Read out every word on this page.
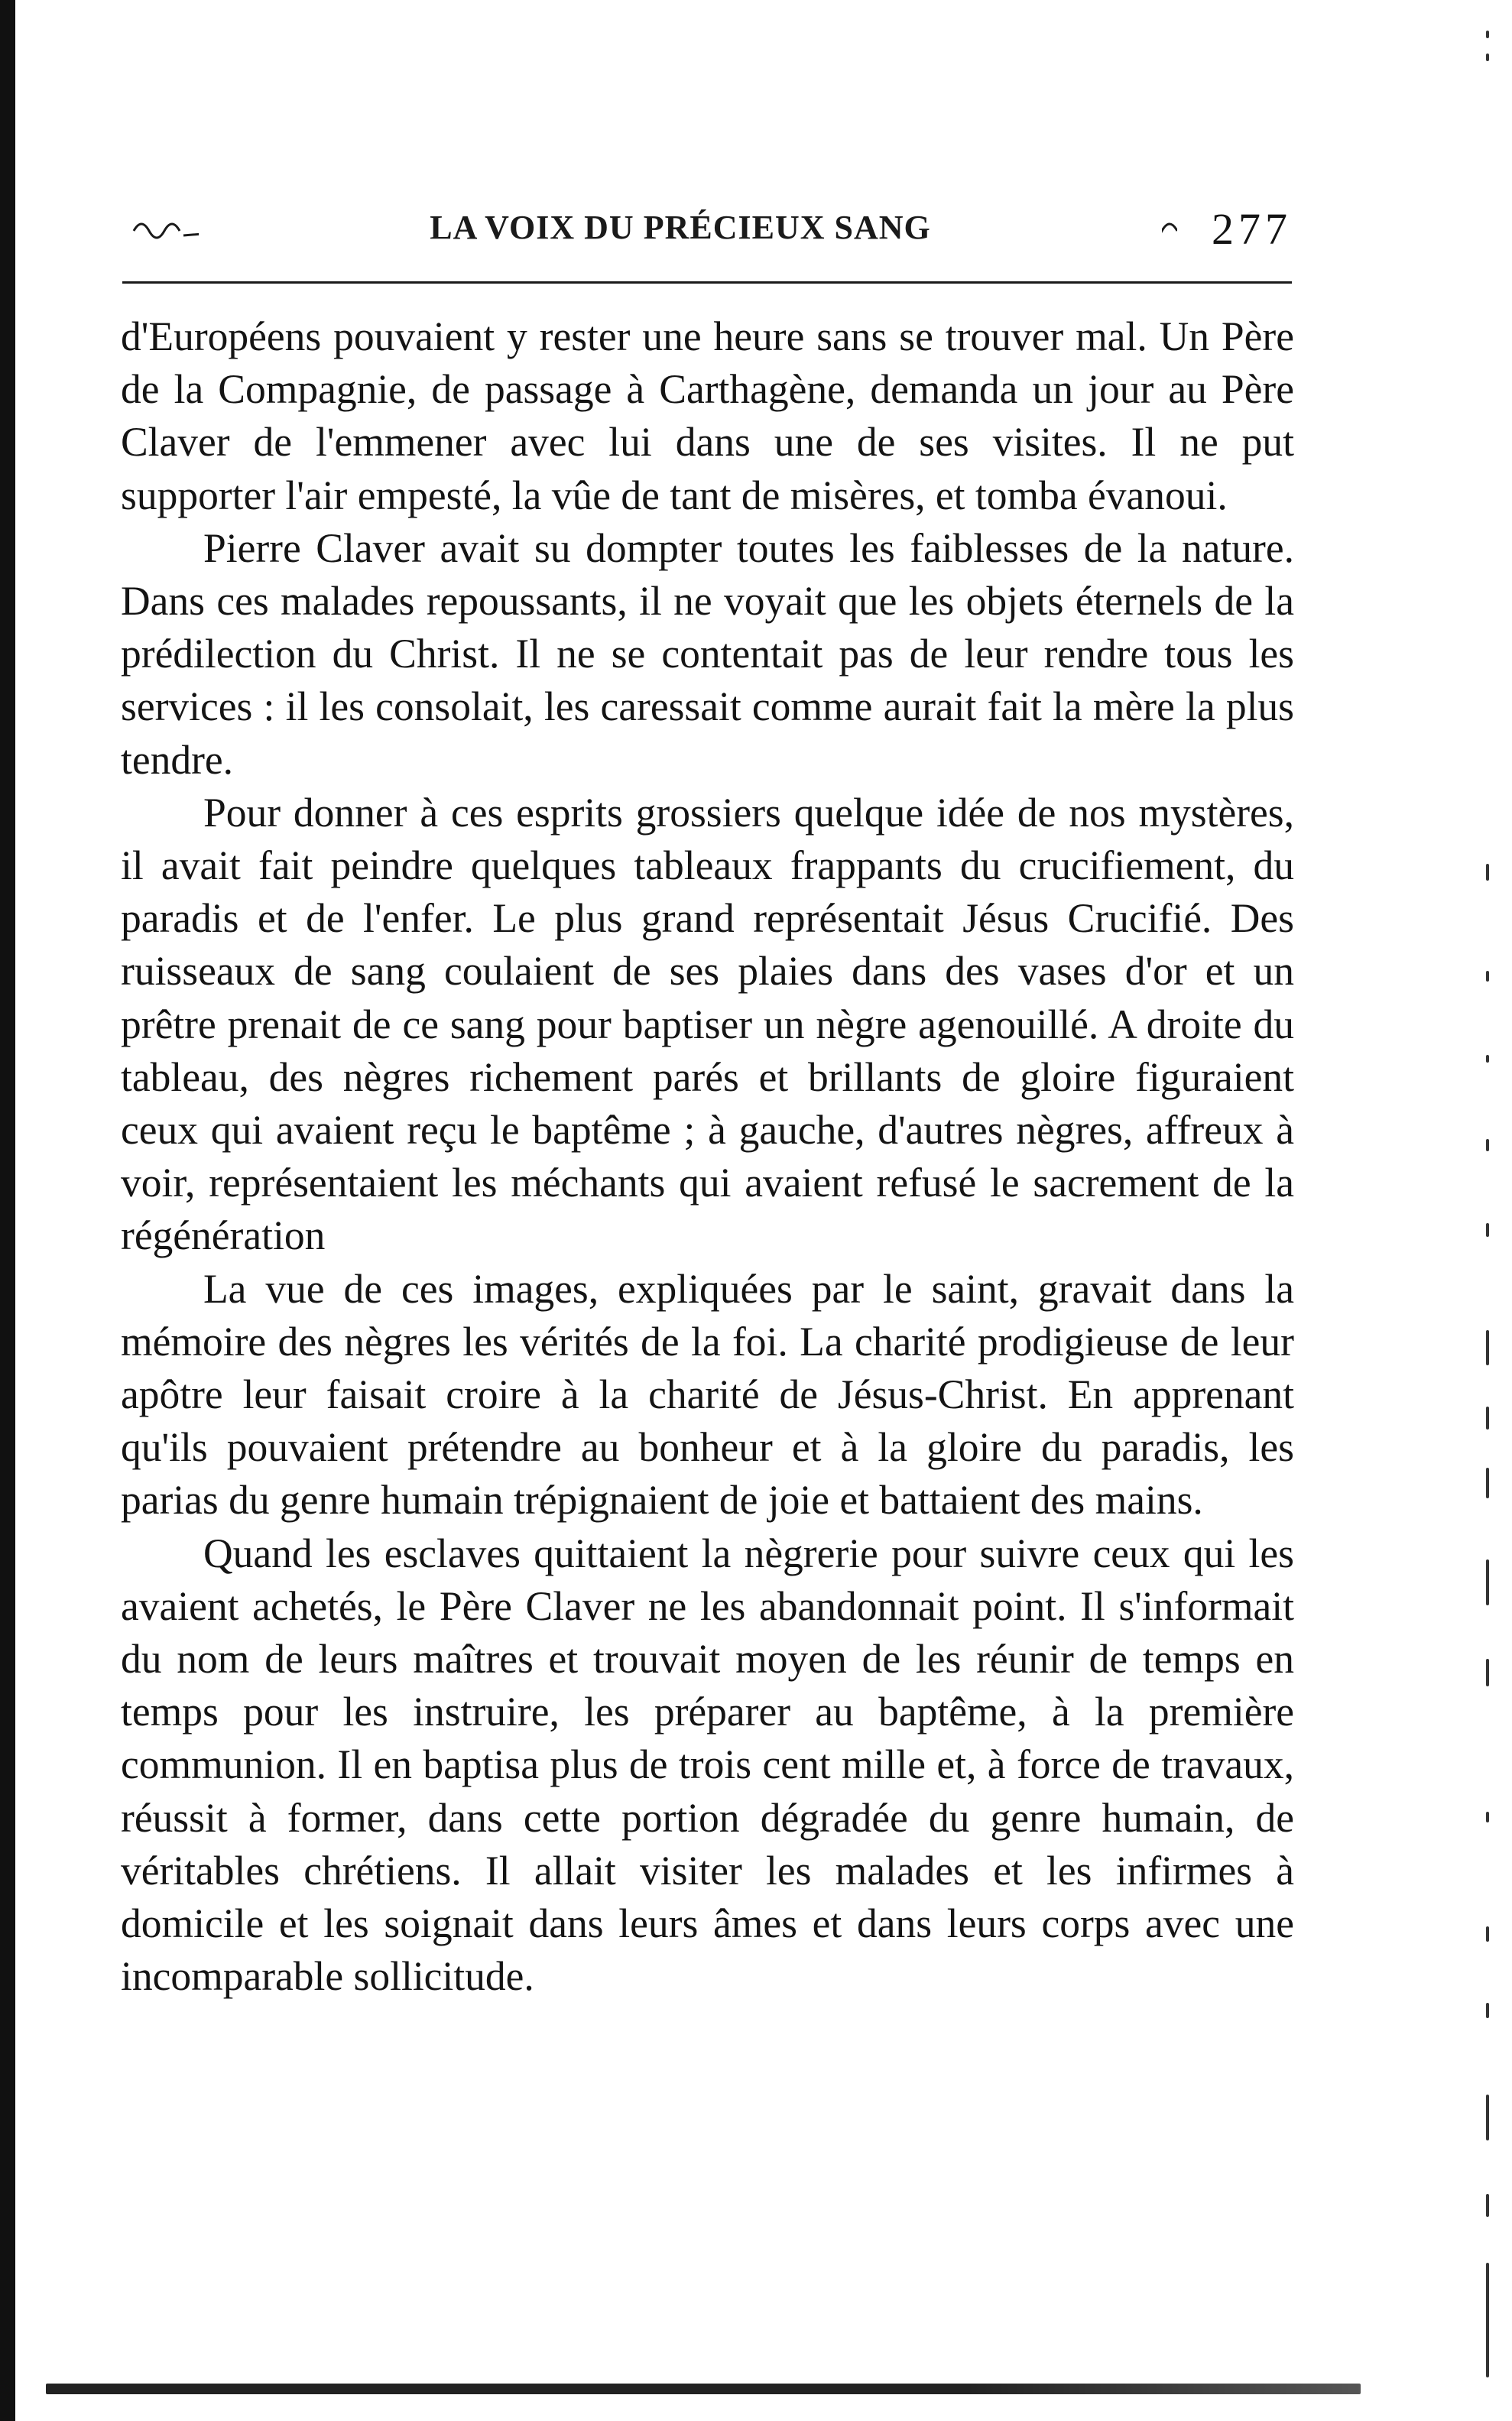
LA VOIX DU PRÉCIEUX SANG	277

d'Européens pouvaient y rester une heure sans se trouver mal. Un Père de la Compagnie, de passage à Carthagène, demanda un jour au Père Claver de l'emmener avec lui dans une de ses visites. Il ne put supporter l'air empesté, la vûe de tant de misères, et tomba évanoui.

Pierre Claver avait su dompter toutes les faiblesses de la nature. Dans ces malades repoussants, il ne voyait que les objets éternels de la prédilection du Christ. Il ne se contentait pas de leur rendre tous les services : il les consolait, les caressait comme aurait fait la mère la plus tendre.

Pour donner à ces esprits grossiers quelque idée de nos mystères, il avait fait peindre quelques tableaux frappants du crucifiement, du paradis et de l'enfer. Le plus grand représentait Jésus Crucifié. Des ruisseaux de sang coulaient de ses plaies dans des vases d'or et un prêtre prenait de ce sang pour baptiser un nègre agenouillé. A droite du tableau, des nègres richement parés et brillants de gloire figuraient ceux qui avaient reçu le baptême ; à gauche, d'autres nègres, affreux à voir, représentaient les méchants qui avaient refusé le sacrement de la régénération

La vue de ces images, expliquées par le saint, gravait dans la mémoire des nègres les vérités de la foi. La charité prodigieuse de leur apôtre leur faisait croire à la charité de Jésus-Christ. En apprenant qu'ils pouvaient prétendre au bonheur et à la gloire du paradis, les parias du genre humain trépignaient de joie et battaient des mains.

Quand les esclaves quittaient la nègrerie pour suivre ceux qui les avaient achetés, le Père Claver ne les abandonnait point. Il s'informait du nom de leurs maîtres et trouvait moyen de les réunir de temps en temps pour les instruire, les préparer au baptême, à la première communion. Il en baptisa plus de trois cent mille et, à force de travaux, réussit à former, dans cette portion dégradée du genre humain, de véritables chrétiens. Il allait visiter les malades et les infirmes à domicile et les soignait dans leurs âmes et dans leurs corps avec une incomparable sollicitude.
